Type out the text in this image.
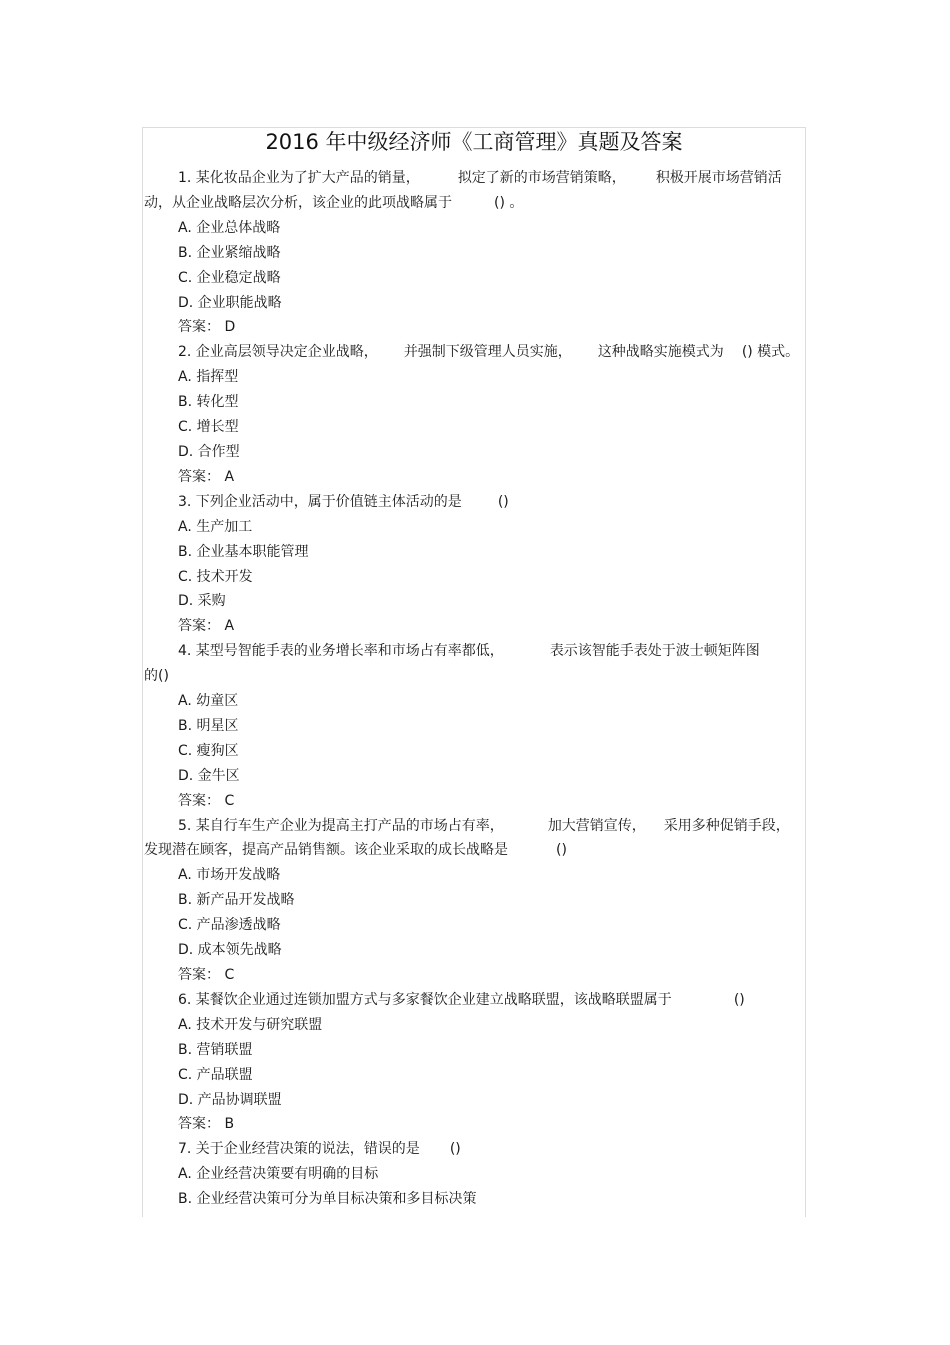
2016 年中级经济师《工商管理》真题及答案
1. 某化妆品企业为了扩大产品的销量，	拟定了新的市场营销策略， 积极开展市场营销活
动，从企业战略层次分析，该企业的此项战略属于	() 。
A. 企业总体战略
B. 企业紧缩战略
C. 企业稳定战略
D. 企业职能战略
答案： D
2. 企业高层领导决定企业战略， 并强制下级管理人员实施， 这种战略实施模式为 () 模式。
A. 指挥型
B. 转化型
C. 增长型
D. 合作型
答案： A
3. 下列企业活动中，属于价值链主体活动的是	()
A. 生产加工
B. 企业基本职能管理
C. 技术开发
D. 采购
答案： A
4. 某型号智能手表的业务增长率和市场占有率都低，	表示该智能手表处于波士顿矩阵图
的()
A. 幼童区
B. 明星区
C. 瘦狗区
D. 金牛区
答案： C
5. 某自行车生产企业为提高主打产品的市场占有率，	加大营销宣传， 采用多种促销手段，
发现潜在顾客，提高产品销售额。该企业采取的成长战略是	()
A. 市场开发战略
B. 新产品开发战略
C. 产品渗透战略
D. 成本领先战略
答案： C
6. 某餐饮企业通过连锁加盟方式与多家餐饮企业建立战略联盟，该战略联盟属于	()
A. 技术开发与研究联盟
B. 营销联盟
C. 产品联盟
D. 产品协调联盟
答案： B
7. 关于企业经营决策的说法，错误的是 ()
A. 企业经营决策要有明确的目标
B. 企业经营决策可分为单目标决策和多目标决策
